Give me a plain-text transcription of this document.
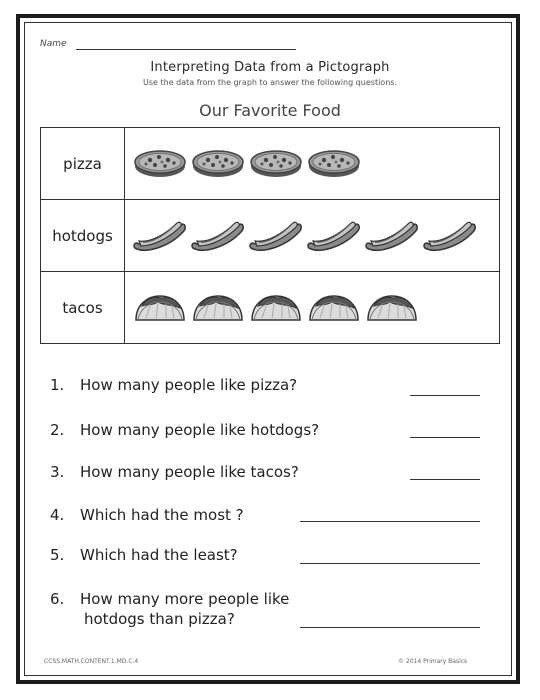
Name
Interpreting Data from a Pictograph
Use the data from the graph to answer the following questions.
Our Favorite Food
pizza	

hotdogs	

tacos	
1. How many people like pizza?
2. How many people like hotdogs?
3. How many people like tacos?
4. Which had the most ?
5. Which had the least?
6. How many more people like
hotdogs than pizza?
CCSS.MATH.CONTENT.1.MD.C.4	© 2014 Primary Basics
